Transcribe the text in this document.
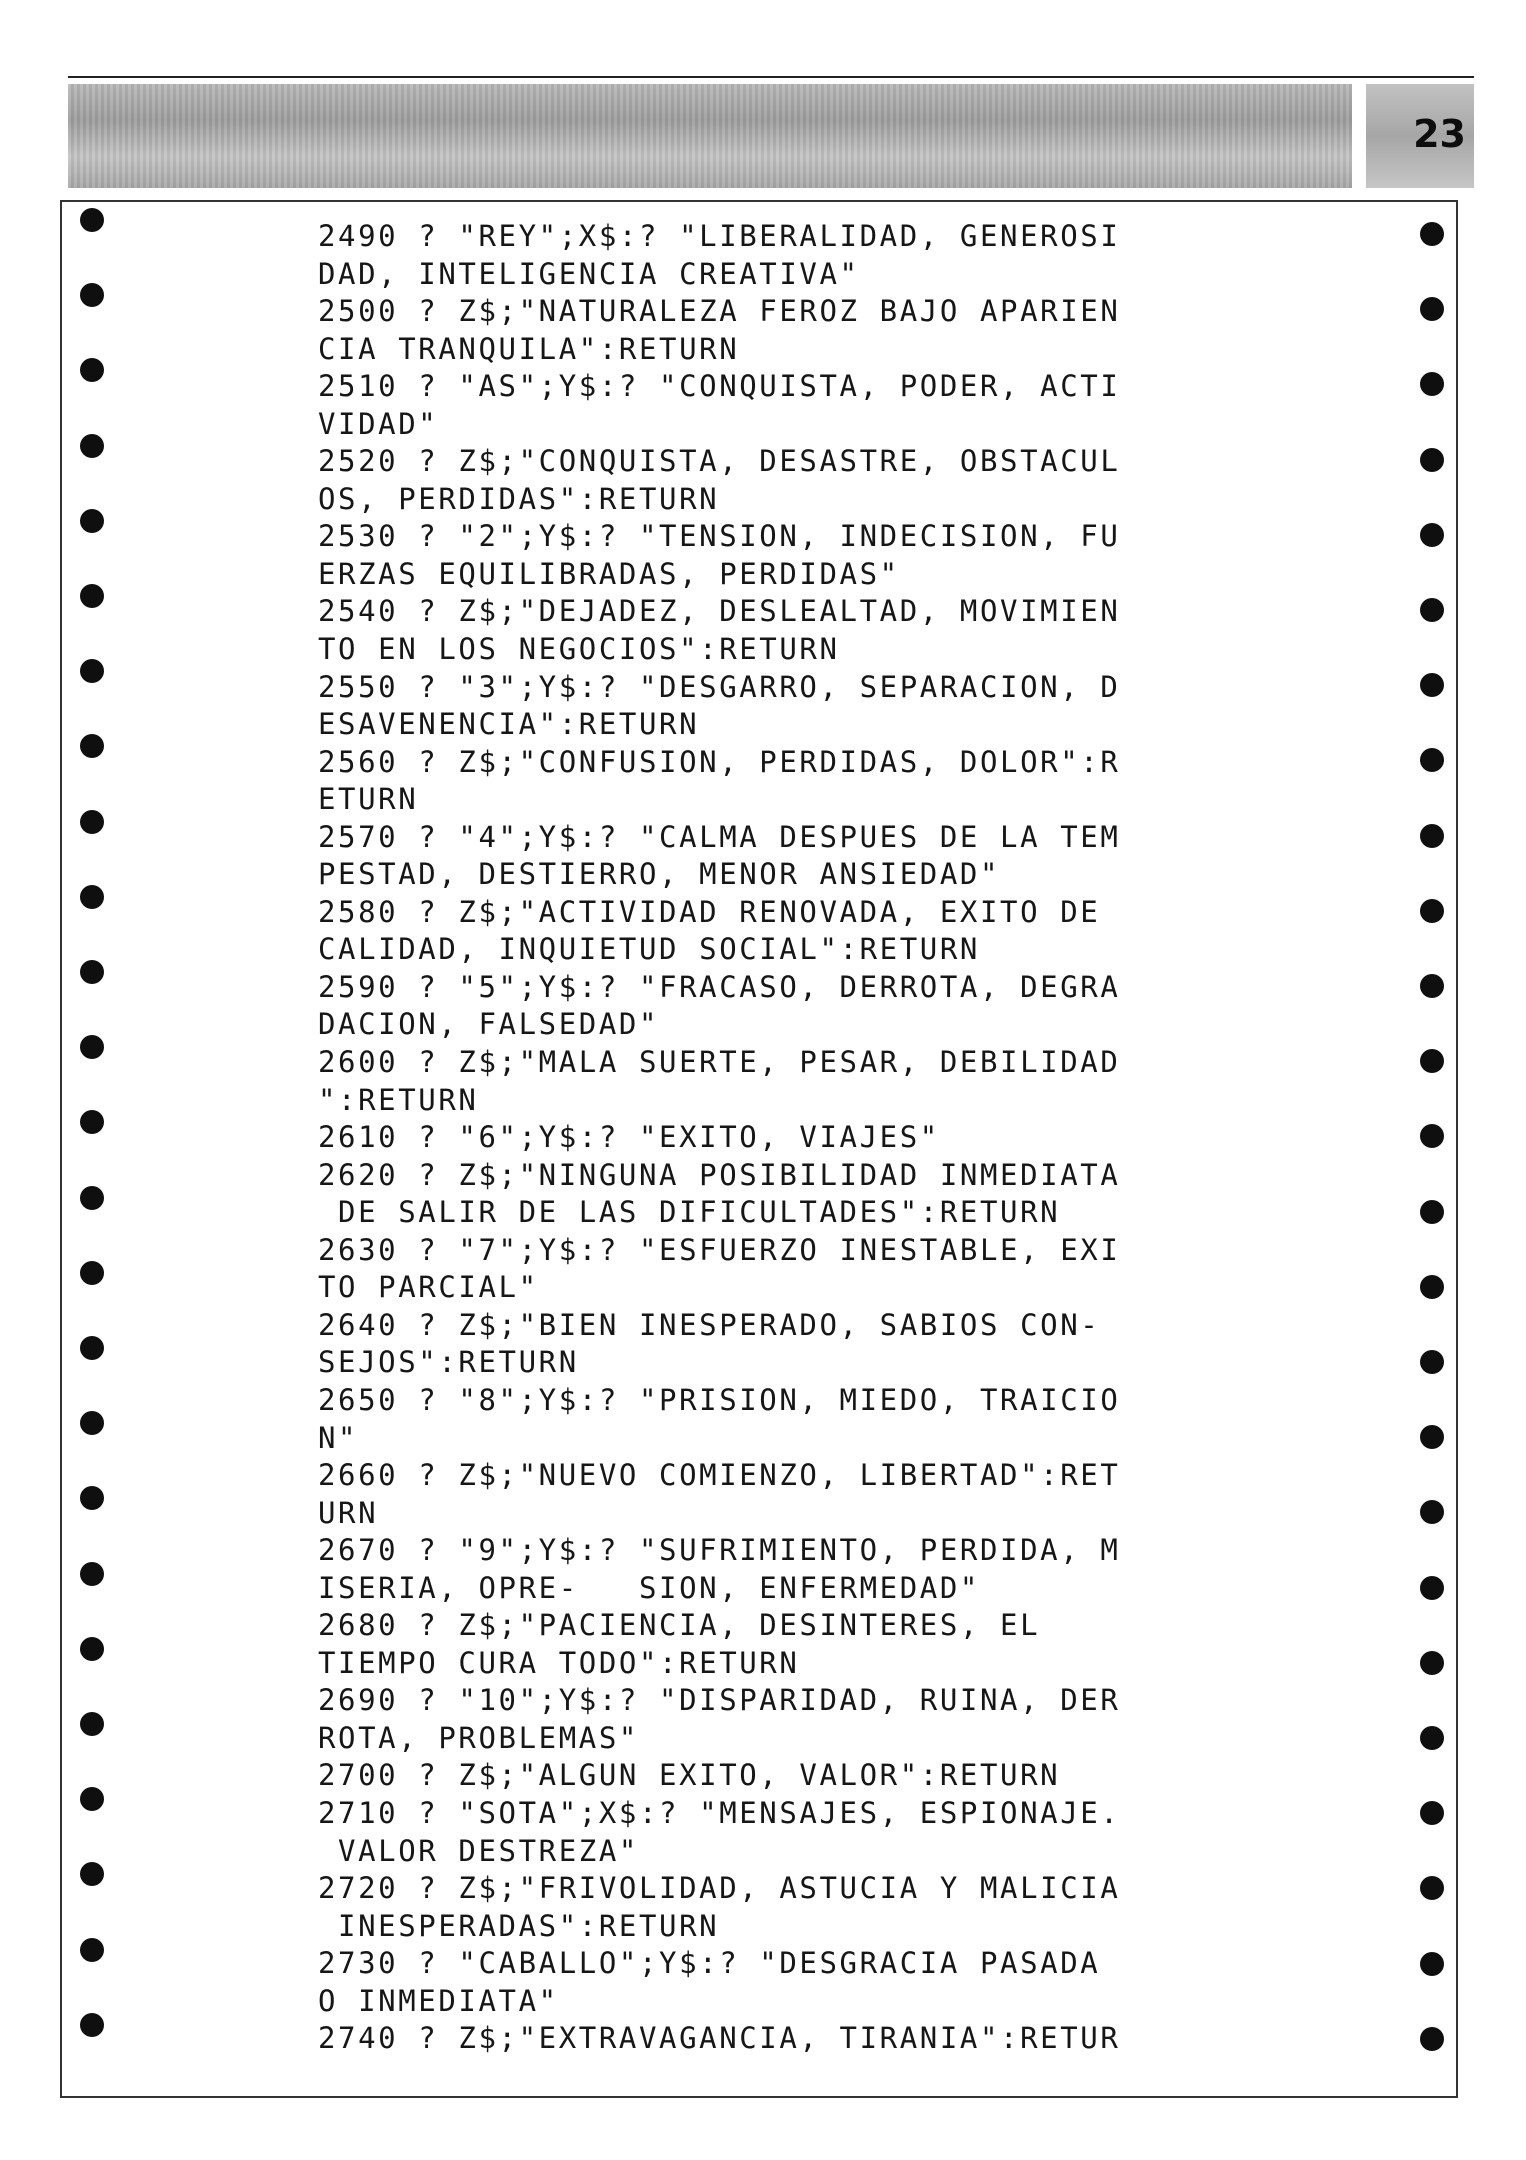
23
2490 ? "REY";X$:? "LIBERALIDAD, GENEROSI
DAD, INTELIGENCIA CREATIVA"
2500 ? Z$;"NATURALEZA FEROZ BAJO APARIEN
CIA TRANQUILA":RETURN
2510 ? "AS";Y$:? "CONQUISTA, PODER, ACTI
VIDAD"
2520 ? Z$;"CONQUISTA, DESASTRE, OBSTACUL
OS, PERDIDAS":RETURN
2530 ? "2";Y$:? "TENSION, INDECISION, FU
ERZAS EQUILIBRADAS, PERDIDAS"
2540 ? Z$;"DEJADEZ, DESLEALTAD, MOVIMIEN
TO EN LOS NEGOCIOS":RETURN
2550 ? "3";Y$:? "DESGARRO, SEPARACION, D
ESAVENENCIA":RETURN
2560 ? Z$;"CONFUSION, PERDIDAS, DOLOR":R
ETURN
2570 ? "4";Y$:? "CALMA DESPUES DE LA TEM
PESTAD, DESTIERRO, MENOR ANSIEDAD"
2580 ? Z$;"ACTIVIDAD RENOVADA, EXITO DE
CALIDAD, INQUIETUD SOCIAL":RETURN
2590 ? "5";Y$:? "FRACASO, DERROTA, DEGRA
DACION, FALSEDAD"
2600 ? Z$;"MALA SUERTE, PESAR, DEBILIDAD
":RETURN
2610 ? "6";Y$:? "EXITO, VIAJES"
2620 ? Z$;"NINGUNA POSIBILIDAD INMEDIATA
DE SALIR DE LAS DIFICULTADES":RETURN
2630 ? "7";Y$:? "ESFUERZO INESTABLE, EXI
TO PARCIAL"
2640 ? Z$;"BIEN INESPERADO, SABIOS CON-
SEJOS":RETURN
2650 ? "8";Y$:? "PRISION, MIEDO, TRAICIO
N"
2660 ? Z$;"NUEVO COMIENZO, LIBERTAD":RET
URN
2670 ? "9";Y$:? "SUFRIMIENTO, PERDIDA, M
ISERIA, OPRE-   SION, ENFERMEDAD"
2680 ? Z$;"PACIENCIA, DESINTERES, EL
TIEMPO CURA TODO":RETURN
2690 ? "10";Y$:? "DISPARIDAD, RUINA, DER
ROTA, PROBLEMAS"
2700 ? Z$;"ALGUN EXITO, VALOR":RETURN
2710 ? "SOTA";X$:? "MENSAJES, ESPIONAJE.
VALOR DESTREZA"
2720 ? Z$;"FRIVOLIDAD, ASTUCIA Y MALICIA
INESPERADAS":RETURN
2730 ? "CABALLO";Y$:? "DESGRACIA PASADA
O INMEDIATA"
2740 ? Z$;"EXTRAVAGANCIA, TIRANIA":RETUR
